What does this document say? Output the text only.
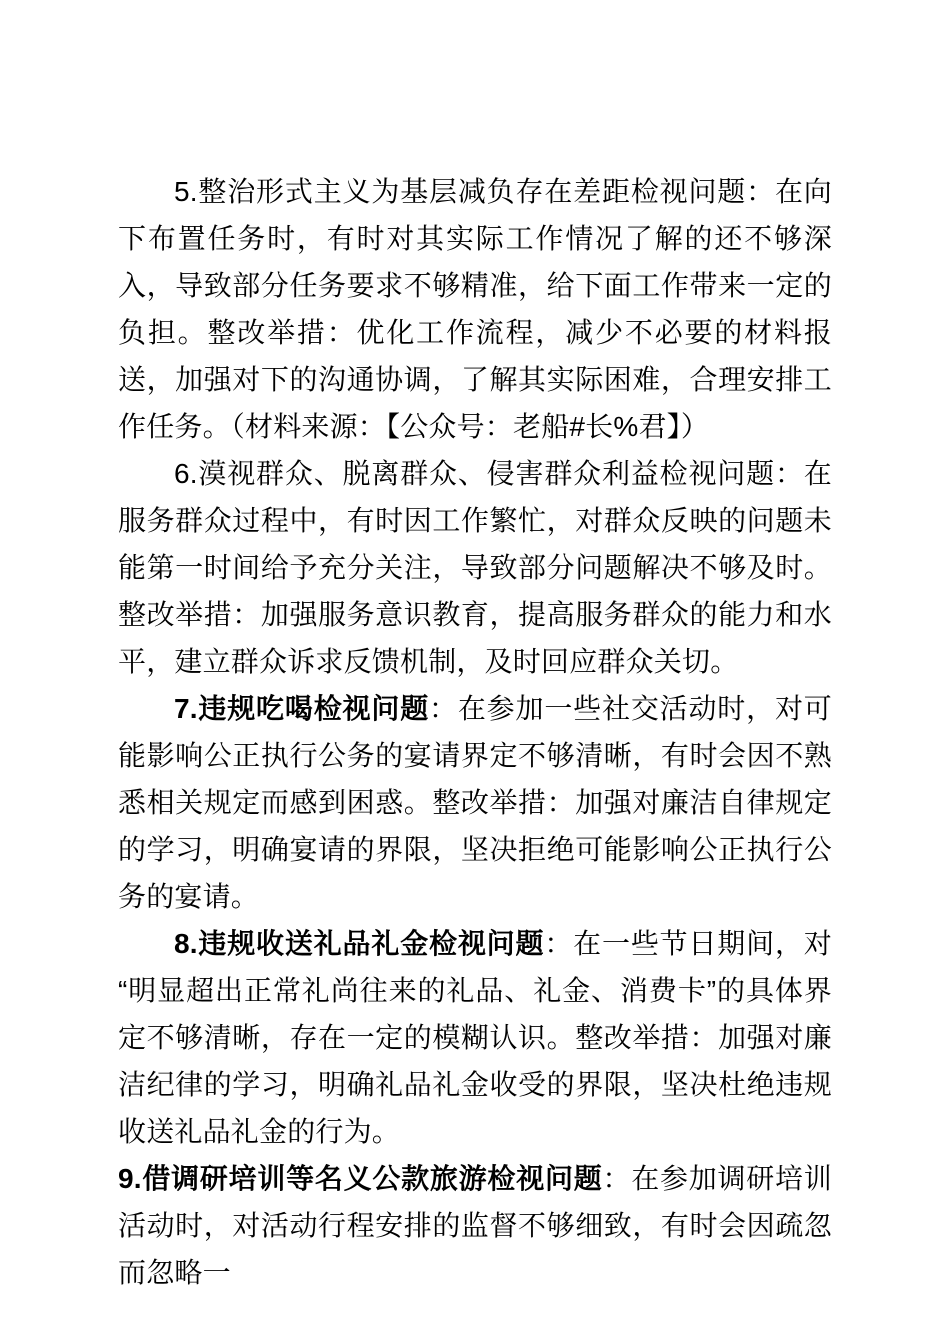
5.整治形式主义为基层减负存在差距检视问题：在向下布置任务时，有时对其实际工作情况了解的还不够深入，导致部分任务要求不够精准，给下面工作带来一定的负担。整改举措：优化工作流程，减少不必要的材料报送，加强对下的沟通协调，了解其实际困难，合理安排工作任务。（材料来源：【公众号：老船#长%君】）

6.漠视群众、脱离群众、侵害群众利益检视问题：在服务群众过程中，有时因工作繁忙，对群众反映的问题未能第一时间给予充分关注，导致部分问题解决不够及时。整改举措：加强服务意识教育，提高服务群众的能力和水平，建立群众诉求反馈机制，及时回应群众关切。

7.违规吃喝检视问题：在参加一些社交活动时，对可能影响公正执行公务的宴请界定不够清晰，有时会因不熟悉相关规定而感到困惑。整改举措：加强对廉洁自律规定的学习，明确宴请的界限，坚决拒绝可能影响公正执行公务的宴请。

8.违规收送礼品礼金检视问题：在一些节日期间，对“明显超出正常礼尚往来的礼品、礼金、消费卡”的具体界定不够清晰，存在一定的模糊认识。整改举措：加强对廉洁纪律的学习，明确礼品礼金收受的界限，坚决杜绝违规收送礼品礼金的行为。

9.借调研培训等名义公款旅游检视问题：在参加调研培训活动时，对活动行程安排的监督不够细致，有时会因疏忽而忽略一
